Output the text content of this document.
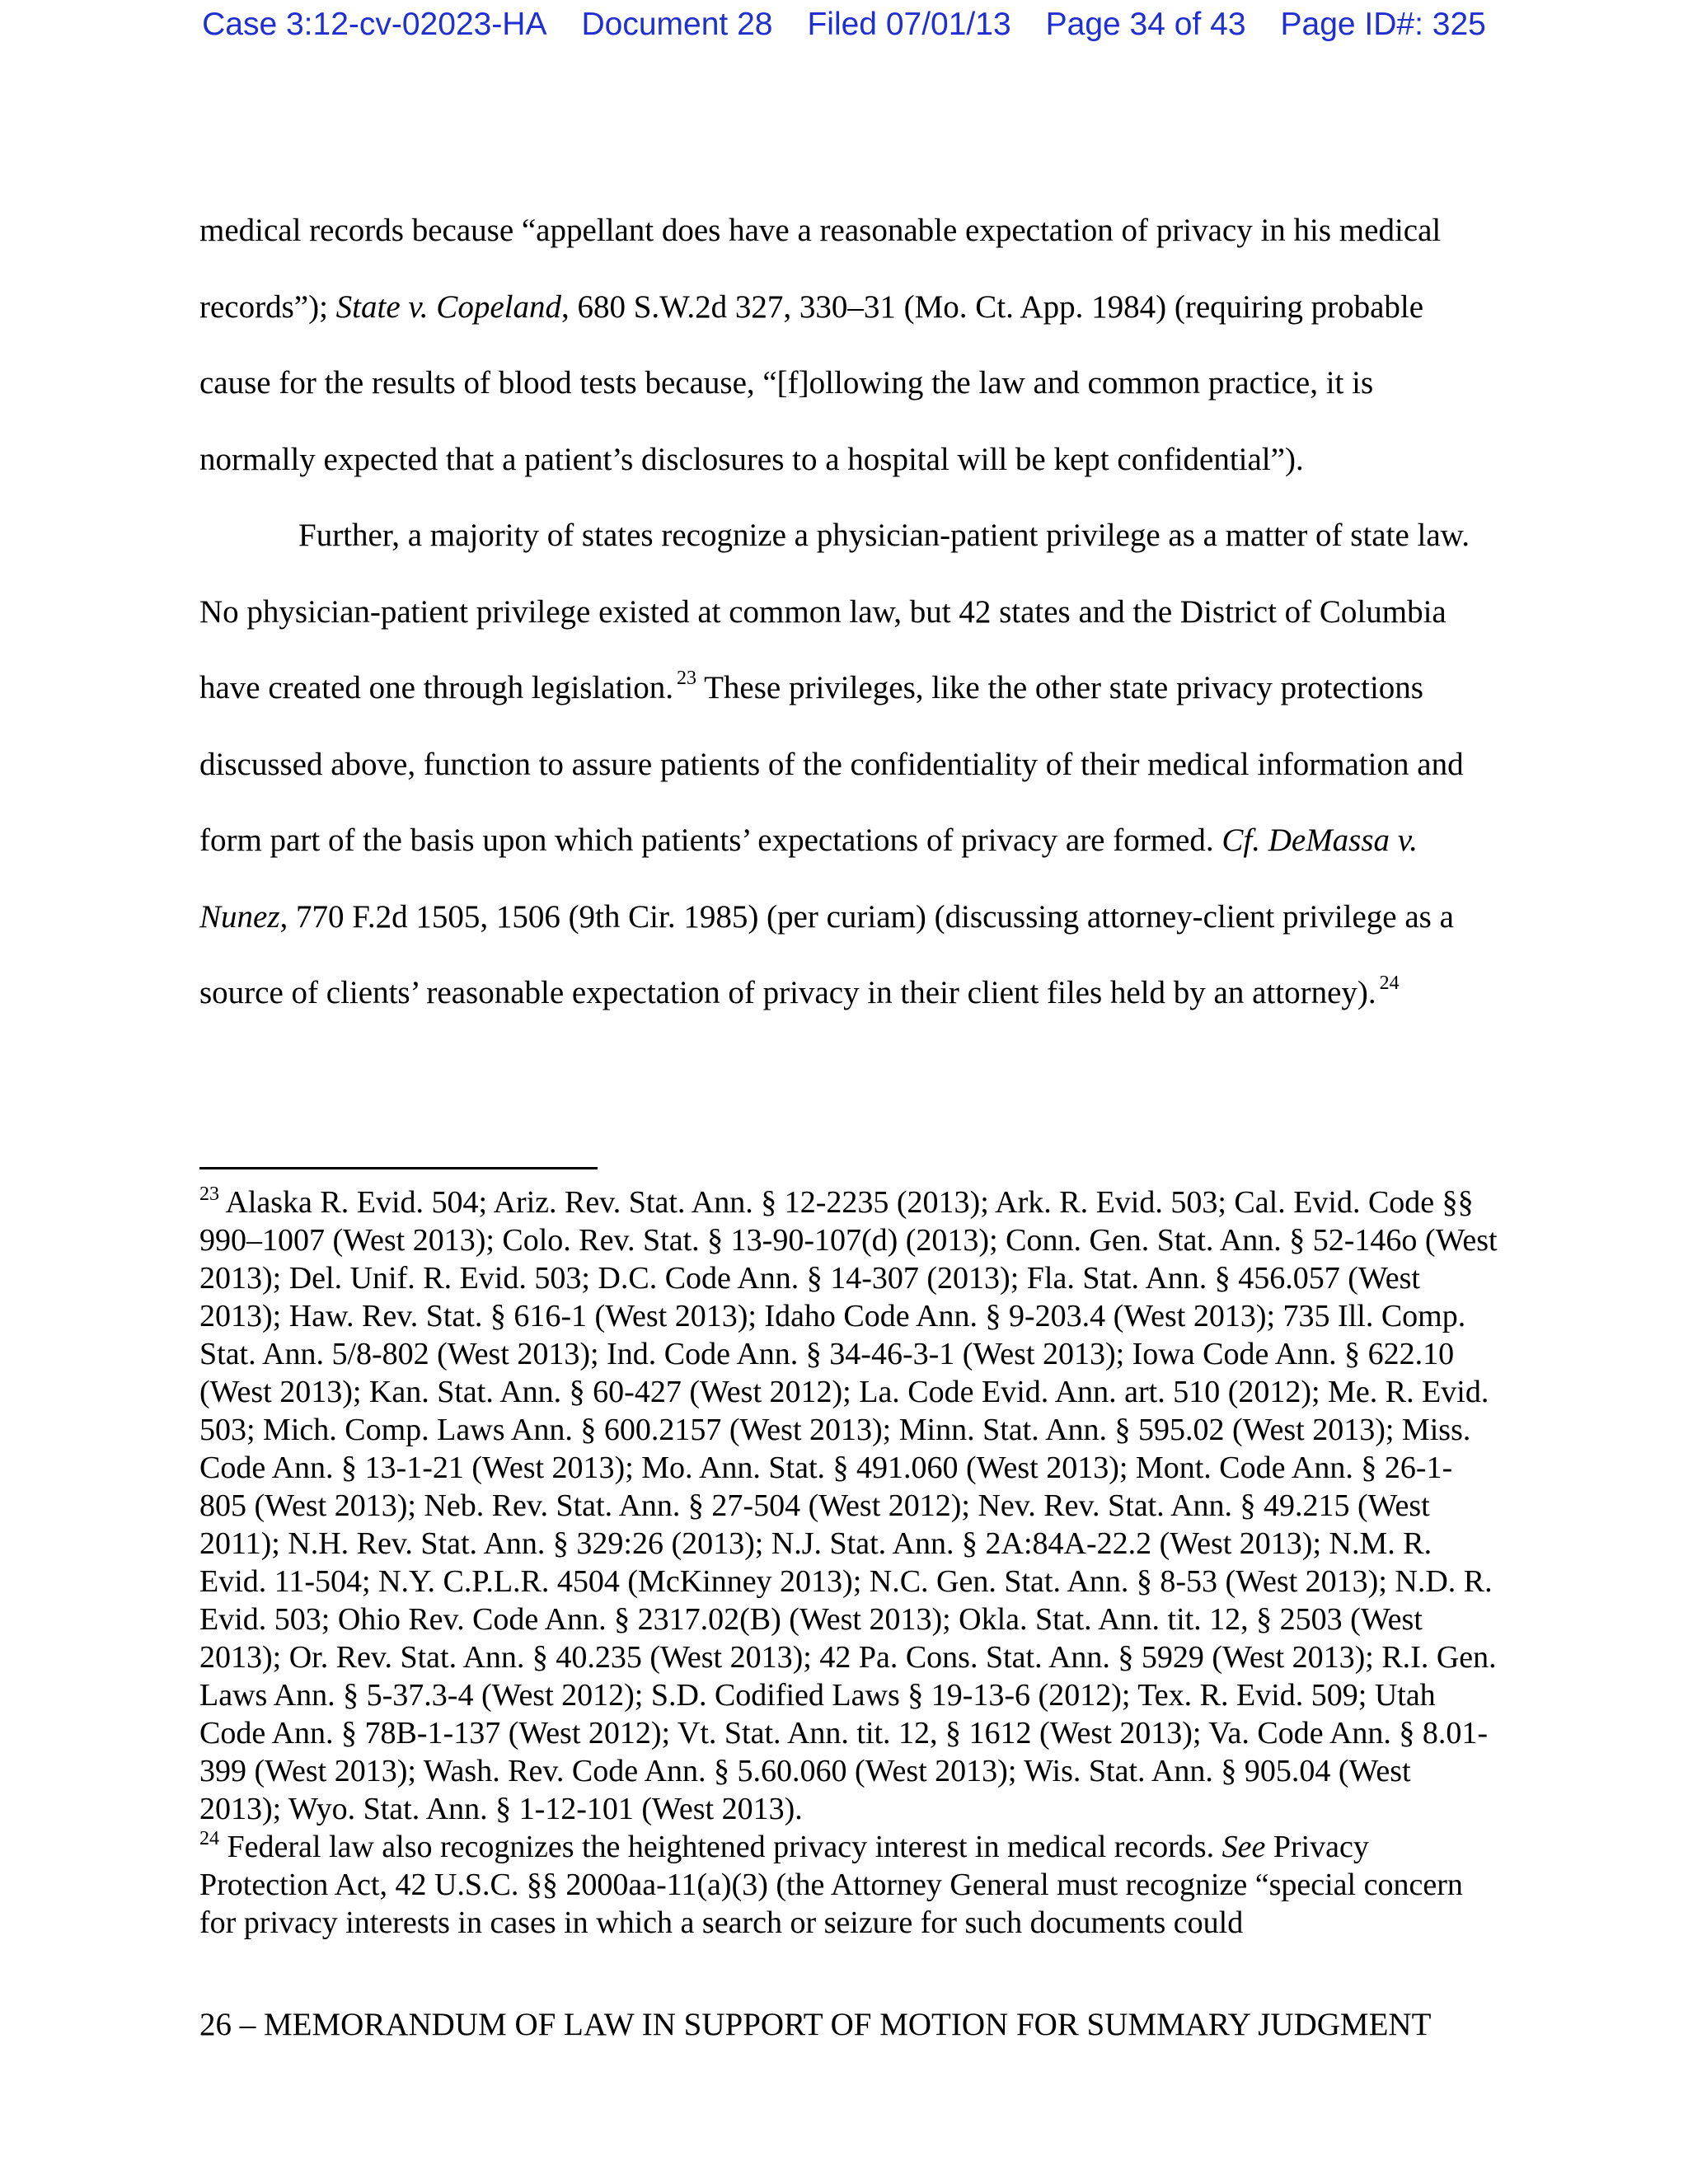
Case 3:12-cv-02023-HA Document 28 Filed 07/01/13 Page 34 of 43 Page ID#: 325

medical records because “appellant does have a reasonable expectation of privacy in his medical records”); State v. Copeland, 680 S.W.2d 327, 330–31 (Mo. Ct. App. 1984) (requiring probable cause for the results of blood tests because, “[f]ollowing the law and common practice, it is normally expected that a patient’s disclosures to a hospital will be kept confidential”).

Further, a majority of states recognize a physician-patient privilege as a matter of state law. No physician-patient privilege existed at common law, but 42 states and the District of Columbia have created one through legislation. $^{23}$ These privileges, like the other state privacy protections discussed above, function to assure patients of the confidentiality of their medical information and form part of the basis upon which patients’ expectations of privacy are formed. Cf. DeMassa v. Nunez, 770 F.2d 1505, 1506 (9th Cir. 1985) (per curiam) (discussing attorney-client privilege as a source of clients’ reasonable expectation of privacy in their client files held by an attorney). $^{24}$

$^{23}$ Alaska R. Evid. 504; Ariz. Rev. Stat. Ann. § 12-2235 (2013); Ark. R. Evid. 503; Cal. Evid. Code §§ 990–1007 (West 2013); Colo. Rev. Stat. § 13-90-107(d) (2013); Conn. Gen. Stat. Ann. § 52-146o (West 2013); Del. Unif. R. Evid. 503; D.C. Code Ann. § 14-307 (2013); Fla. Stat. Ann. § 456.057 (West 2013); Haw. Rev. Stat. § 616-1 (West 2013); Idaho Code Ann. § 9-203.4 (West 2013); 735 Ill. Comp. Stat. Ann. 5/8-802 (West 2013); Ind. Code Ann. § 34-46-3-1 (West 2013); Iowa Code Ann. § 622.10 (West 2013); Kan. Stat. Ann. § 60-427 (West 2012); La. Code Evid. Ann. art. 510 (2012); Me. R. Evid. 503; Mich. Comp. Laws Ann. § 600.2157 (West 2013); Minn. Stat. Ann. § 595.02 (West 2013); Miss. Code Ann. § 13-1-21 (West 2013); Mo. Ann. Stat. § 491.060 (West 2013); Mont. Code Ann. § 26-1-805 (West 2013); Neb. Rev. Stat. Ann. § 27-504 (West 2012); Nev. Rev. Stat. Ann. § 49.215 (West 2011); N.H. Rev. Stat. Ann. § 329:26 (2013); N.J. Stat. Ann. § 2A:84A-22.2 (West 2013); N.M. R. Evid. 11-504; N.Y. C.P.L.R. 4504 (McKinney 2013); N.C. Gen. Stat. Ann. § 8-53 (West 2013); N.D. R. Evid. 503; Ohio Rev. Code Ann. § 2317.02(B) (West 2013); Okla. Stat. Ann. tit. 12, § 2503 (West 2013); Or. Rev. Stat. Ann. § 40.235 (West 2013); 42 Pa. Cons. Stat. Ann. § 5929 (West 2013); R.I. Gen. Laws Ann. § 5-37.3-4 (West 2012); S.D. Codified Laws § 19-13-6 (2012); Tex. R. Evid. 509; Utah Code Ann. § 78B-1-137 (West 2012); Vt. Stat. Ann. tit. 12, § 1612 (West 2013); Va. Code Ann. § 8.01-399 (West 2013); Wash. Rev. Code Ann. § 5.60.060 (West 2013); Wis. Stat. Ann. § 905.04 (West 2013); Wyo. Stat. Ann. § 1-12-101 (West 2013).

$^{24}$ Federal law also recognizes the heightened privacy interest in medical records. See Privacy Protection Act, 42 U.S.C. §§ 2000aa-11(a)(3) (the Attorney General must recognize “special concern for privacy interests in cases in which a search or seizure for such documents could

26 – MEMORANDUM OF LAW IN SUPPORT OF MOTION FOR SUMMARY JUDGMENT
